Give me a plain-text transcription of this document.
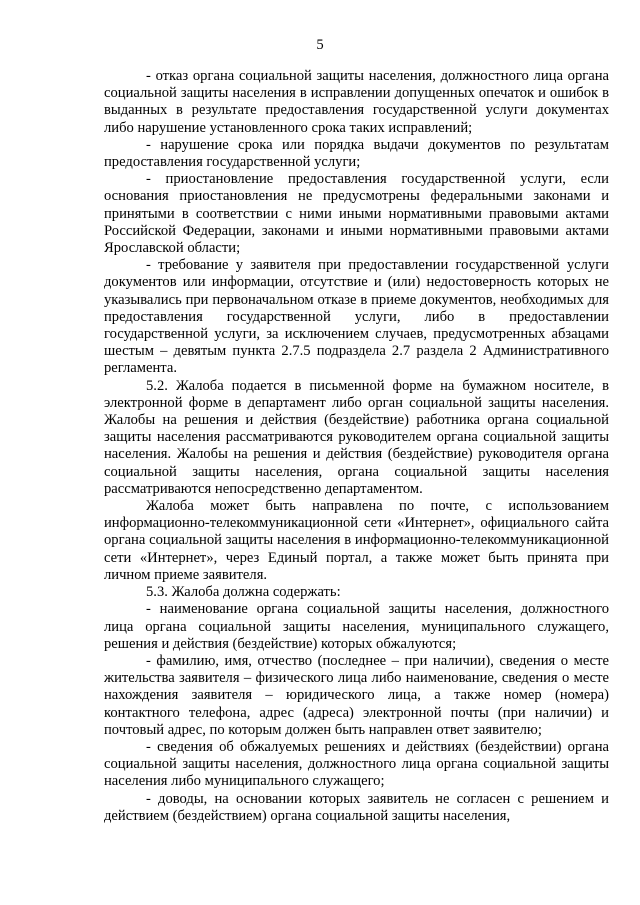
5

- отказ органа социальной защиты населения, должностного лица органа социальной защиты населения в исправлении допущенных опечаток и ошибок в выданных в результате предоставления государственной услуги документах либо нарушение установленного срока таких исправлений;

- нарушение срока или порядка выдачи документов по результатам предоставления государственной услуги;

- приостановление предоставления государственной услуги, если основания приостановления не предусмотрены федеральными законами и принятыми в соответствии с ними иными нормативными правовыми актами Российской Федерации, законами и иными нормативными правовыми актами Ярославской области;

- требование у заявителя при предоставлении государственной услуги документов или информации, отсутствие и (или) недостоверность которых не указывались при первоначальном отказе в приеме документов, необходимых для предоставления государственной услуги, либо в предоставлении государственной услуги, за исключением случаев, предусмотренных абзацами шестым – девятым пункта 2.7.5 подраздела 2.7 раздела 2 Административного регламента.

5.2. Жалоба подается в письменной форме на бумажном носителе, в электронной форме в департамент либо орган социальной защиты населения. Жалобы на решения и действия (бездействие) работника органа социальной защиты населения рассматриваются руководителем органа социальной защиты населения. Жалобы на решения и действия (бездействие) руководителя органа социальной защиты населения, органа социальной защиты населения рассматриваются непосредственно департаментом.

Жалоба может быть направлена по почте, с использованием информационно-телекоммуникационной сети «Интернет», официального сайта органа социальной защиты населения в информационно-телекоммуникационной сети «Интернет», через Единый портал, а также может быть принята при личном приеме заявителя.

5.3. Жалоба должна содержать:

- наименование органа социальной защиты населения, должностного лица органа социальной защиты населения, муниципального служащего, решения и действия (бездействие) которых обжалуются;

- фамилию, имя, отчество (последнее – при наличии), сведения о месте жительства заявителя – физического лица либо наименование, сведения о месте нахождения заявителя – юридического лица, а также номер (номера) контактного телефона, адрес (адреса) электронной почты (при наличии) и почтовый адрес, по которым должен быть направлен ответ заявителю;

- сведения об обжалуемых решениях и действиях (бездействии) органа социальной защиты населения, должностного лица органа социальной защиты населения либо муниципального служащего;

- доводы, на основании которых заявитель не согласен с решением и действием (бездействием) органа социальной защиты населения,
